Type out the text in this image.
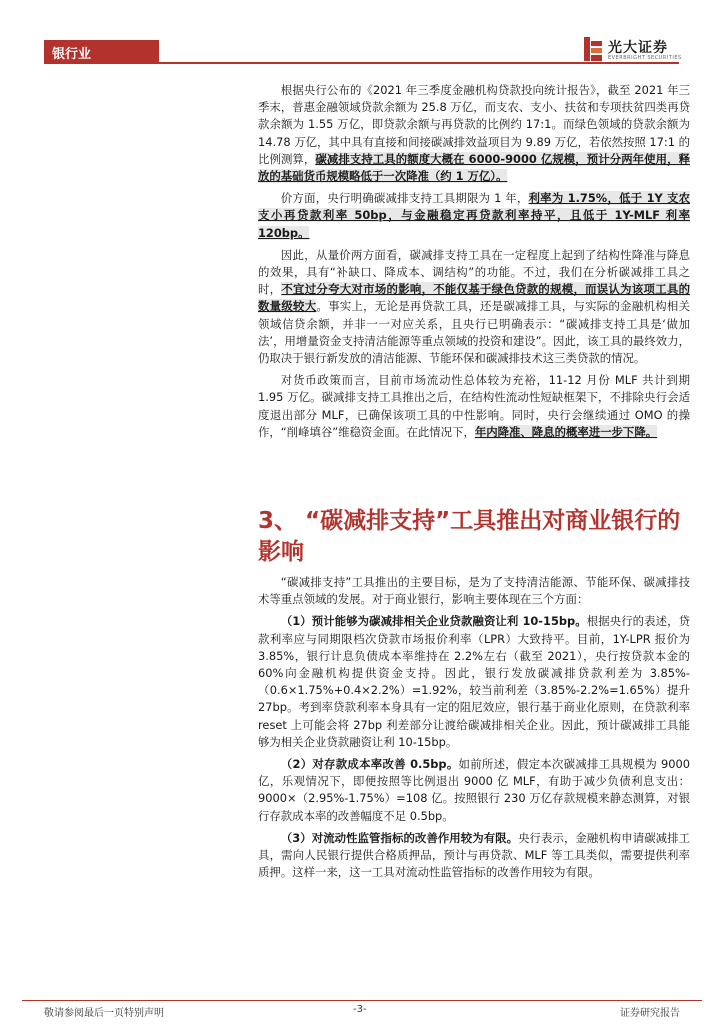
银行业	光大证券
EVERBRIGHT SECURITIES

根据央行公布的《2021 年三季度金融机构贷款投向统计报告》，截至 2021 年三季末，普惠金融领域贷款余额为 25.8 万亿，而支农、支小、扶贫和专项扶贫四类再贷款余额为 1.55 万亿，即贷款余额与再贷款的比例约 17:1。而绿色领域的贷款余额为 14.78 万亿，其中具有直接和间接碳减排效益项目为 9.89 万亿，若依然按照 17:1 的比例测算，碳减排支持工具的额度大概在 6000-9000 亿规模，预计分两年使用，释放的基础货币规模略低于一次降准（约 1 万亿）。

价方面，央行明确碳减排支持工具期限为 1 年，利率为 1.75%，低于 1Y 支农支小再贷款利率 50bp，与金融稳定再贷款利率持平，且低于 1Y-MLF 利率 120bp。

因此，从量价两方面看，碳减排支持工具在一定程度上起到了结构性降准与降息的效果，具有“补缺口、降成本、调结构”的功能。不过，我们在分析碳减排工具之时，不宜过分夸大对市场的影响，不能仅基于绿色贷款的规模，而误认为该项工具的数量级较大。事实上，无论是再贷款工具，还是碳减排工具，与实际的金融机构相关领域信贷余额，并非一一对应关系，且央行已明确表示：“碳减排支持工具是‘做加法’，用增量资金支持清洁能源等重点领域的投资和建设”。因此，该工具的最终效力，仍取决于银行新发放的清洁能源、节能环保和碳减排技术这三类贷款的情况。

对货币政策而言，目前市场流动性总体较为充裕，11-12 月份 MLF 共计到期 1.95 万亿。碳减排支持工具推出之后，在结构性流动性短缺框架下，不排除央行会适度退出部分 MLF，已确保该项工具的中性影响。同时，央行会继续通过 OMO 的操作，“削峰填谷”维稳资金面。在此情况下，年内降准、降息的概率进一步下降。

3、 “碳减排支持”工具推出对商业银行的影响

“碳减排支持”工具推出的主要目标，是为了支持清洁能源、节能环保、碳减排技术等重点领域的发展。对于商业银行，影响主要体现在三个方面：

（1）预计能够为碳减排相关企业贷款融资让利 10-15bp。根据央行的表述，贷款利率应与同期限档次贷款市场报价利率（LPR）大致持平。目前，1Y-LPR 报价为 3.85%，银行计息负债成本率维持在 2.2%左右（截至 2021），央行按贷款本金的 60%向金融机构提供资金支持。因此，银行发放碳减排贷款利差为 3.85%-（0.6×1.75%+0.4×2.2%）=1.92%，较当前利差（3.85%-2.2%=1.65%）提升 27bp。考到率贷款利率本身具有一定的阻尼效应，银行基于商业化原则，在贷款利率 reset 上可能会将 27bp 利差部分让渡给碳减排相关企业。因此，预计碳减排工具能够为相关企业贷款融资让利 10-15bp。

（2）对存款成本率改善 0.5bp。如前所述，假定本次碳减排工具规模为 9000 亿，乐观情况下，即便按照等比例退出 9000 亿 MLF，有助于减少负债利息支出：9000×（2.95%-1.75%）=108 亿。按照银行 230 万亿存款规模来静态测算，对银行存款成本率的改善幅度不足 0.5bp。

（3）对流动性监管指标的改善作用较为有限。央行表示，金融机构申请碳减排工具，需向人民银行提供合格质押品，预计与再贷款、MLF 等工具类似，需要提供利率质押。这样一来，这一工具对流动性监管指标的改善作用较为有限。

敬请参阅最后一页特别声明	-3-	证券研究报告
